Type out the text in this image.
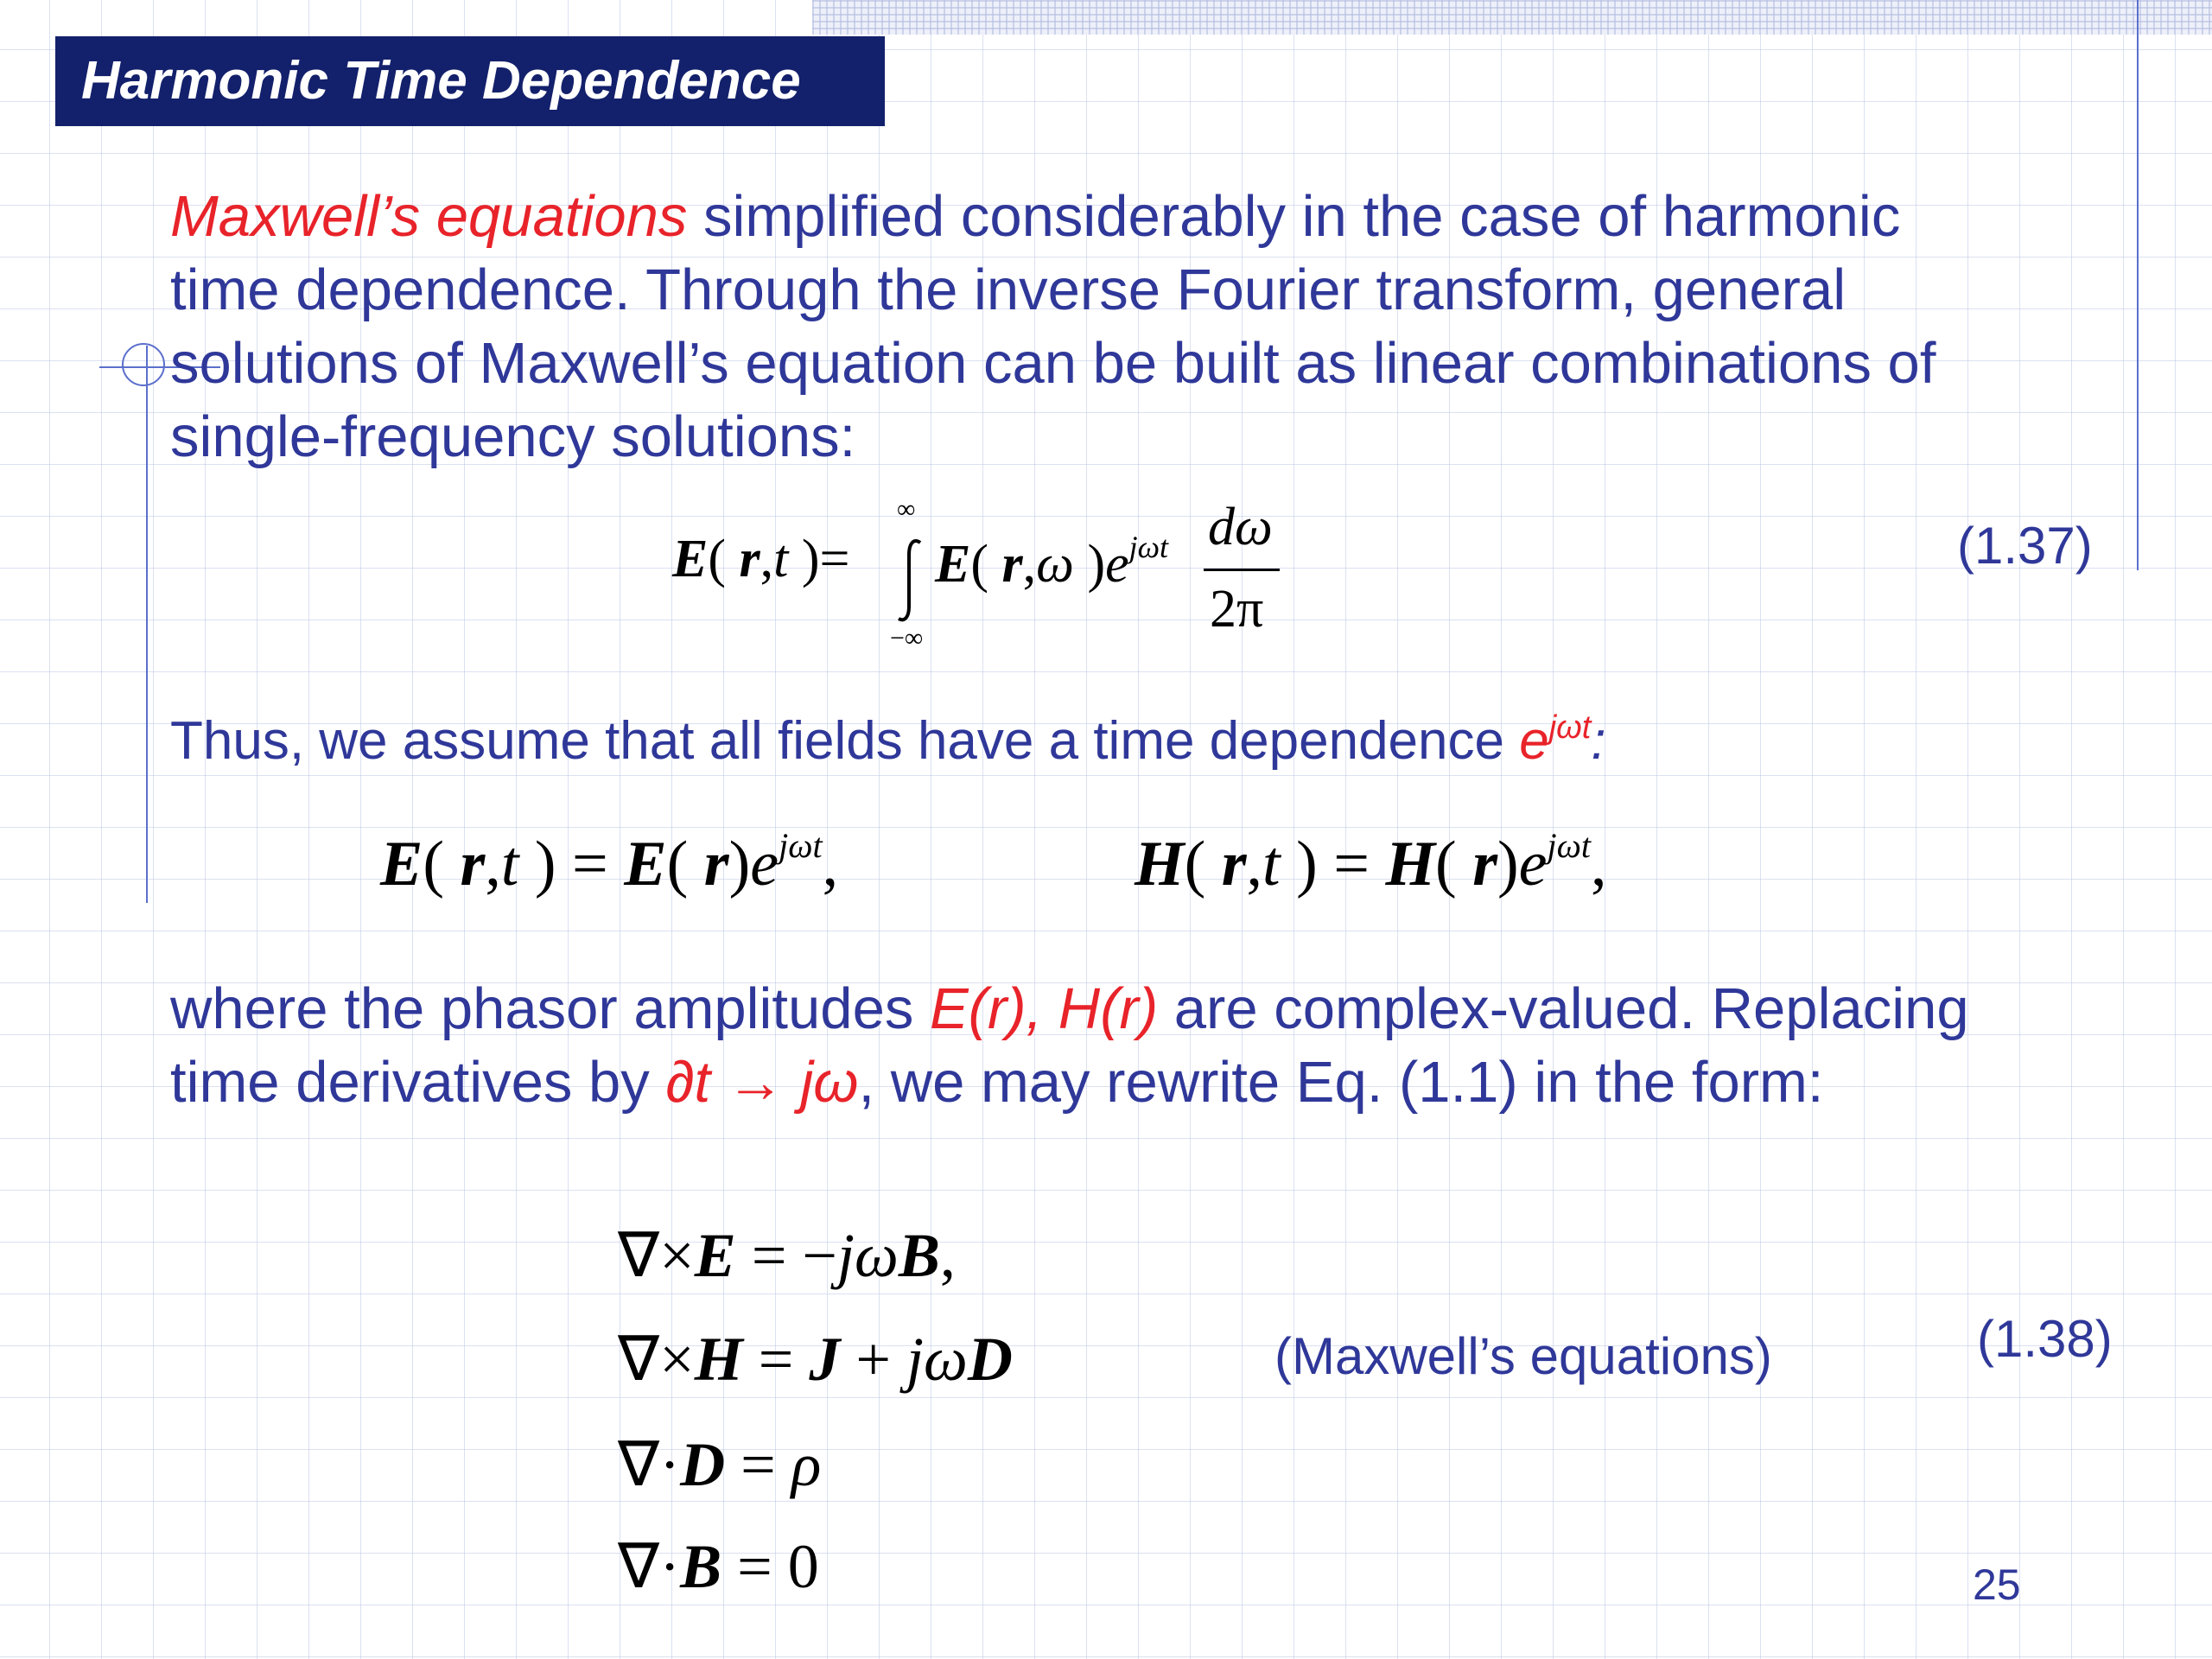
Harmonic Time Dependence

Maxwell’s equations simplified considerably in the case of harmonic

time dependence. Through the inverse Fourier transform, general

solutions of Maxwell’s equation can be built as linear combinations of

single-frequency solutions:

E( r,t )=
∞
−∞
E( r,ω )$e^{j\omega t}$ dω
2π
(1.37)
Thus, we assume that all fields have a time dependence $e^{j\omega t}$:
E( r,t ) = E( $r)e^{j\omega t}$,	H( r,t ) = H( $r)e^{j\omega t}$,

where the phasor amplitudes E(r), H(r) are complex-valued. Replacing

time derivatives by ∂t → jω, we may rewrite Eq. (1.1) in the form:

∇×E = −jωB,
∇×H = J + jωD
∇·D = ρ
∇·B = 0
(Maxwell’s equations)	(1.38)
25
